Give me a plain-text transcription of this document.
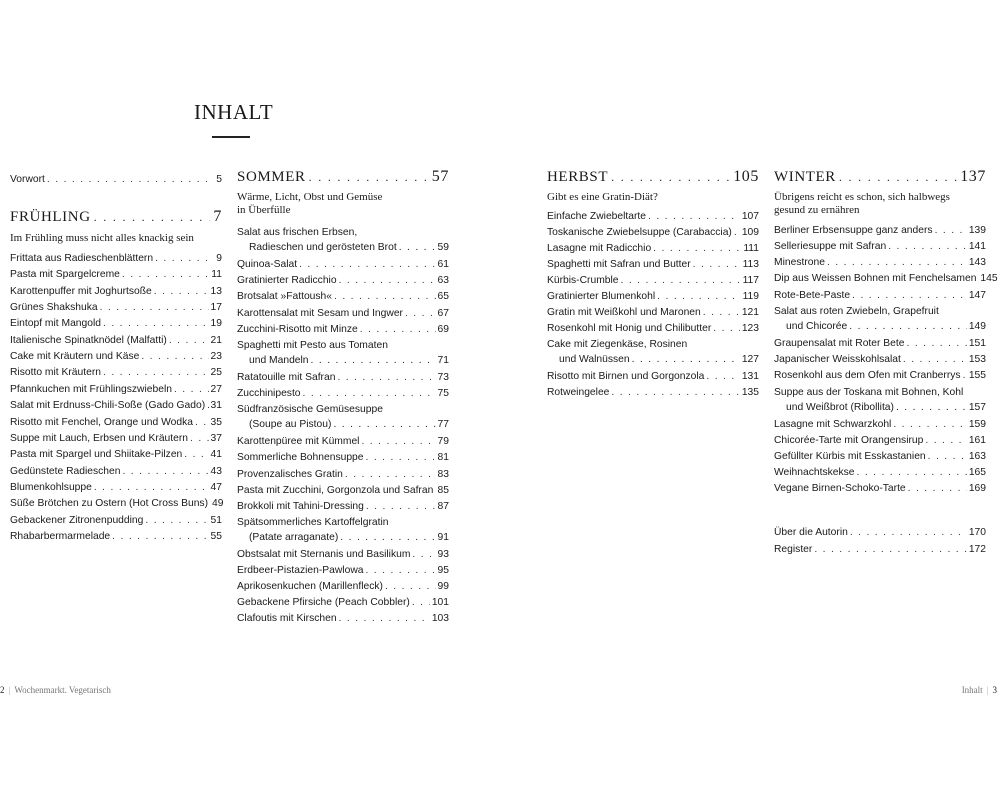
INHALT
Vorwort . . .	5
FRÜHLING . . .	7
Im Frühling muss nicht alles knackig sein
SOMMER . . .	57
Wärme, Licht, Obst und Gemüse
in Überfülle
HERBST . . .	105
Gibt es eine Gratin-Diät?
WINTER . . .	137
Übrigens reicht es schon, sich halbwegs
gesund zu ernähren
2 | Wochenmarkt. Vegetarisch	Inhalt | 3
Frittata aus Radieschenblättern . . .	9
Pasta mit Spargelcreme . . .	11
Karottenpuffer mit Joghurtsoße . . .	13
Grünes Shakshuka . . .	17
Eintopf mit Mangold . . .	19
Italienische Spinatknödel (Malfatti) . . .	21
Cake mit Kräutern und Käse . . .	23
Risotto mit Kräutern . . .	25
Pfannkuchen mit Frühlingszwiebeln . . .	27
Salat mit Erdnuss-Chili-Soße (Gado Gado) . . . 31
Risotto mit Fenchel, Orange und Wodka . . . 35
Suppe mit Lauch, Erbsen und Kräutern . . . 37
Pasta mit Spargel und Shiitake-Pilzen . . .	41
Gedünstete Radieschen . . .	43
Blumenkohlsuppe . . .	47
Süße Brötchen zu Ostern (Hot Cross Buns) 49
Gebackener Zitronenpudding . . .	51
Rhabarbermarmelade . . .	55
Salat aus frischen Erbsen,
Radieschen und gerösteten Brot . . .	59
Quinoa-Salat . . .	61
Gratinierter Radicchio . . .	63
Brotsalat »Fattoush« . . .	65
Karottensalat mit Sesam und Ingwer . . .	67
Zucchini-Risotto mit Minze . . .	69
Spaghetti mit Pesto aus Tomaten
und Mandeln . . .	71
Ratatouille mit Safran . . .	73
Zucchinipesto . . .	75
Südfranzösische Gemüsesuppe
(Soupe au Pistou) . . .	77
Karottenpüree mit Kümmel . . .	79
Sommerliche Bohnensuppe . . .	81
Provenzalisches Gratin . . .	83
Pasta mit Zucchini, Gorgonzola und Safran . . . 85
Brokkoli mit Tahini-Dressing . . .	87
Spätsommerliches Kartoffelgratin
(Patate arraganate) . . .	91
Obstsalat mit Sternanis und Basilikum . . .	93
Erdbeer-Pistazien-Pawlowa . . .	95
Aprikosenkuchen (Marillenfleck) . . .	99
Gebackene Pfirsiche (Peach Cobbler) . . . 101
Clafoutis mit Kirschen . . .	103
Einfache Zwiebeltarte . . .	107
Toskanische Zwiebelsuppe (Carabaccia) . . . 109
Lasagne mit Radicchio . . .	111
Spaghetti mit Safran und Butter . . .	113
Kürbis-Crumble . . .	117
Gratinierter Blumenkohl . . .	119
Gratin mit Weißkohl und Maronen . . .	121
Rosenkohl mit Honig und Chilibutter . . .	123
Cake mit Ziegenkäse, Rosinen
und Walnüssen . . .	127
Risotto mit Birnen und Gorgonzola . . .	131
Rotweingelee . . .	135
Berliner Erbsensuppe ganz anders . . .	139
Selleriesuppe mit Safran . . .	141
Minestrone . . .	143
Dip aus Weissen Bohnen mit Fenchelsamen 145
Rote-Bete-Paste . . .	147
Salat aus roten Zwiebeln, Grapefruit
und Chicorée . . .	149
Graupensalat mit Roter Bete . . .	151
Japanischer Weisskohlsalat . . .	153
Rosenkohl aus dem Ofen mit Cranberrys . . . 155
Suppe aus der Toskana mit Bohnen, Kohl
und Weißbrot (Ribollita) . . .	157
Lasagne mit Schwarzkohl . . .	159
Chicorée-Tarte mit Orangensirup . . .	161
Gefüllter Kürbis mit Esskastanien . . .	163
Weihnachtskekse . . .	165
Vegane Birnen-Schoko-Tarte . . .	169
Über die Autorin . . .	170
Register . . .	172
